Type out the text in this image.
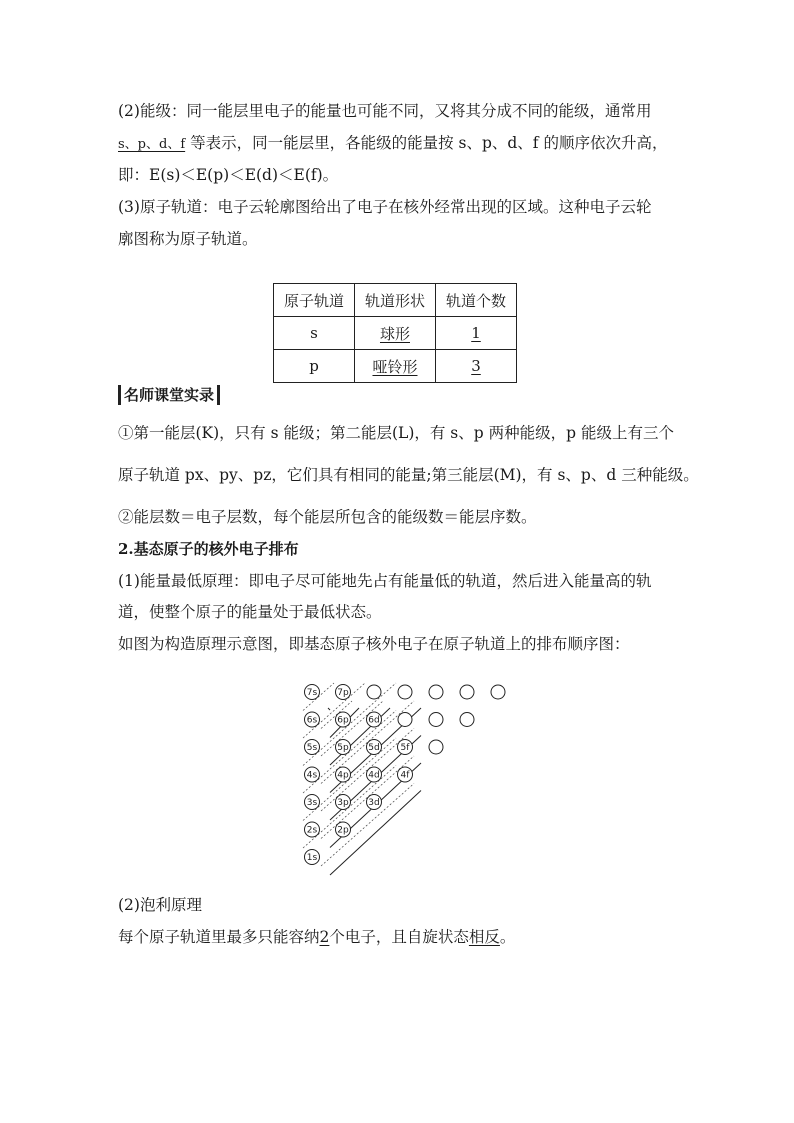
(2)能级：同一能层里电子的能量也可能不同，又将其分成不同的能级，通常用
s、p、d、f 等表示，同一能层里，各能级的能量按 s、p、d、f 的顺序依次升高，
即：E(s)＜E(p)＜E(d)＜E(f)。
(3)原子轨道：电子云轮廓图给出了电子在核外经常出现的区域。这种电子云轮
廓图称为原子轨道。
原子轨道	轨道形状	轨道个数
s	球形	1
p	哑铃形	3
名师课堂实录
①第一能层(K)，只有 s 能级；第二能层(L)，有 s、p 两种能级，p 能级上有三个
原子轨道 px、py、pz，它们具有相同的能量;第三能层(M)，有 s、p、d 三种能级。
②能层数＝电子层数，每个能层所包含的能级数＝能层序数。
2.基态原子的核外电子排布
(1)能量最低原理：即电子尽可能地先占有能量低的轨道，然后进入能量高的轨
道，使整个原子的能量处于最低状态。
如图为构造原理示意图，即基态原子核外电子在原子轨道上的排布顺序图：
7s 7p
6s 6p 6d
5s 5p 5d 5f
4s 4p 4d 4f
3s 3p 3d
2s 2p
1s
(2)泡利原理
每个原子轨道里最多只能容纳2个电子，且自旋状态相反。
